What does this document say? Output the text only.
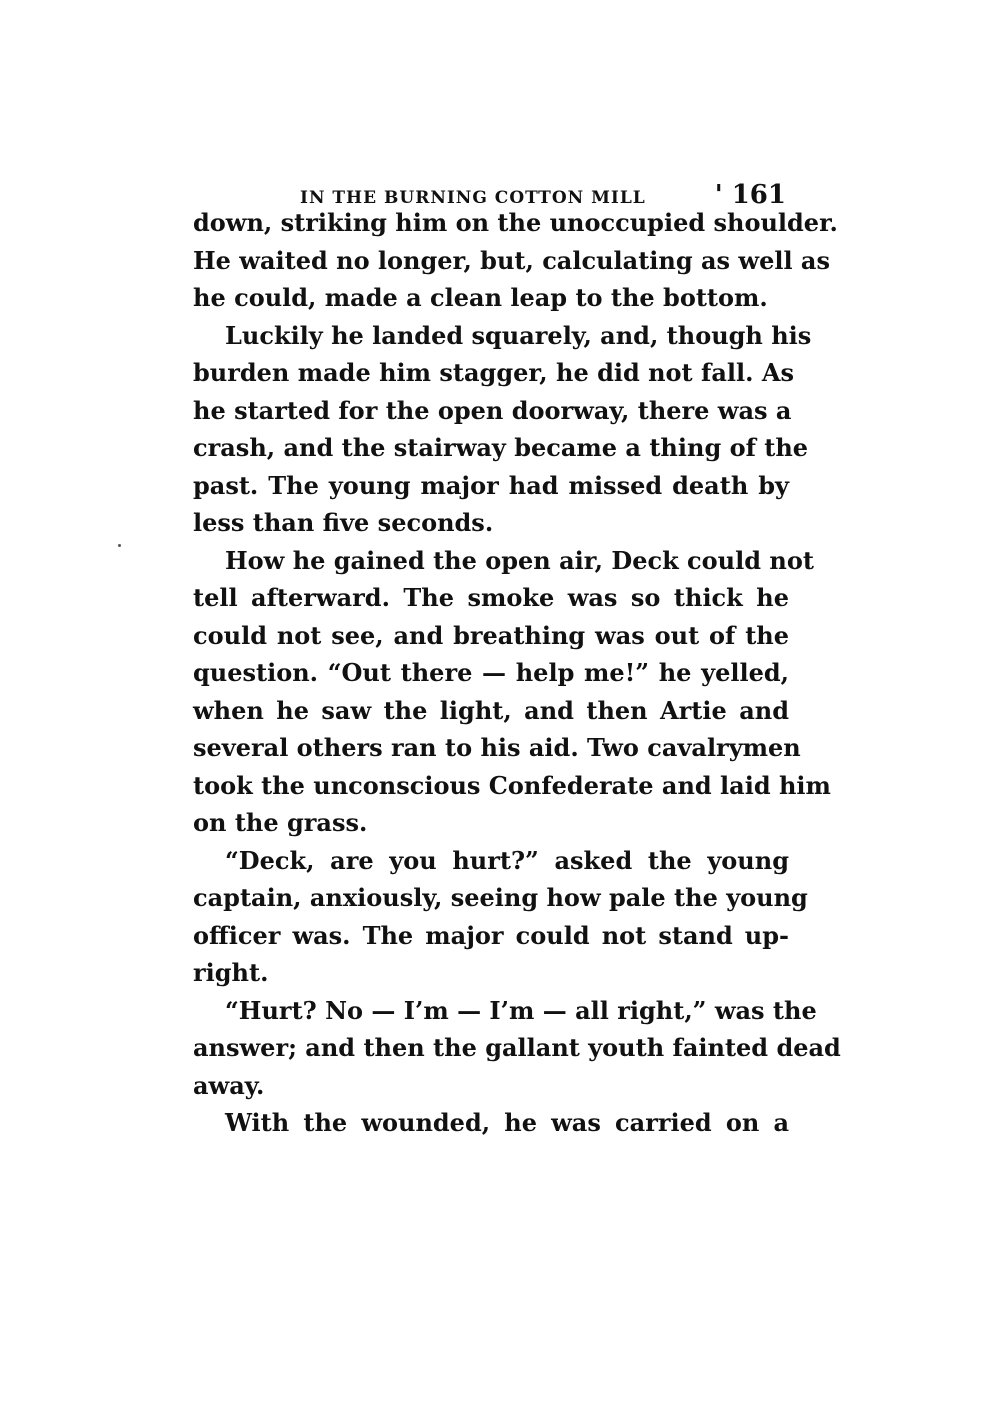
IN THE BURNING COTTON MILL	' 161
down, striking him on the unoccupied shoulder.
He waited no longer, but, calculating as well as
he could, made a clean leap to the bottom.
Luckily he landed squarely, and, though his
burden made him stagger, he did not fall. As
he started for the open doorway, there was a
crash, and the stairway became a thing of the
past. The young major had missed death by
less than five seconds.
How he gained the open air, Deck could not
tell afterward. The smoke was so thick he
could not see, and breathing was out of the
question. “Out there — help me!” he yelled,
when he saw the light, and then Artie and
several others ran to his aid. Two cavalrymen
took the unconscious Confederate and laid him
on the grass.
“Deck, are you hurt?” asked the young
captain, anxiously, seeing how pale the young
officer was. The major could not stand up-
right.
“Hurt? No — I’m — I’m — all right,” was the
answer; and then the gallant youth fainted dead
away.
With the wounded, he was carried on a
